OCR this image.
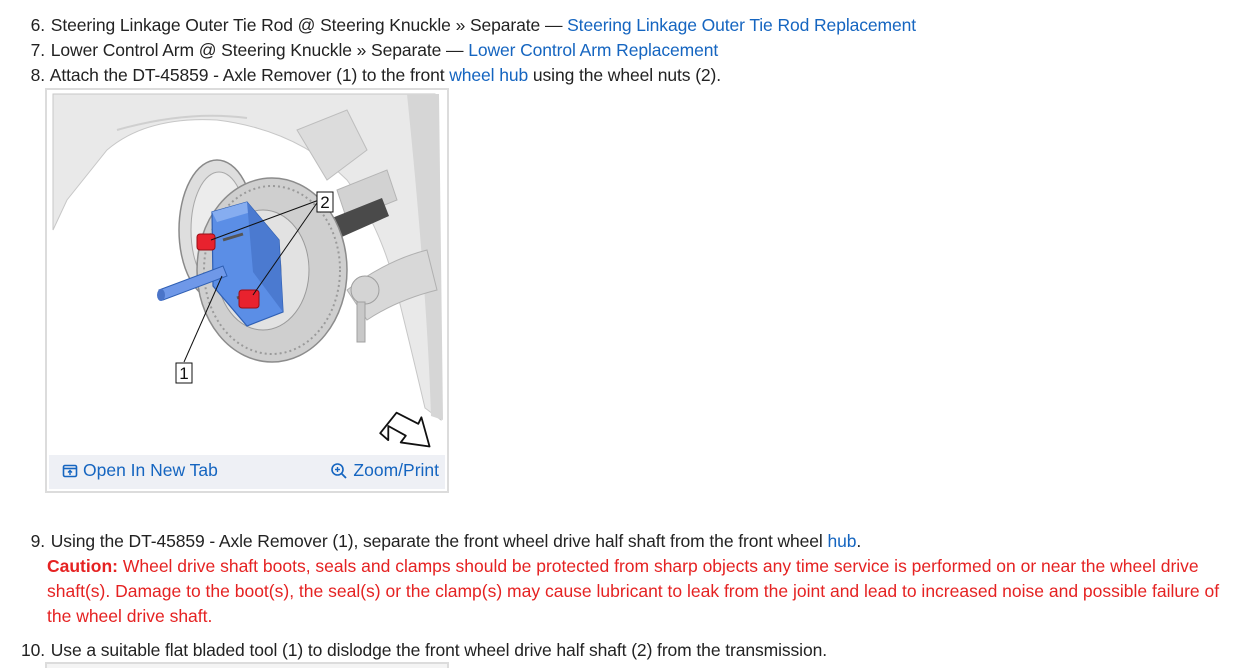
6. Steering Linkage Outer Tie Rod @ Steering Knuckle » Separate — Steering Linkage Outer Tie Rod Replacement
7. Lower Control Arm @ Steering Knuckle » Separate — Lower Control Arm Replacement
8. Attach the DT-45859 - Axle Remover (1) to the front wheel hub using the wheel nuts (2).
2
1
Open In New Tab	Zoom/Print
9. Using the DT-45859 - Axle Remover (1), separate the front wheel drive half shaft from the front wheel hub.
Caution: Wheel drive shaft boots, seals and clamps should be protected from sharp objects any time service is performed on or near the wheel drive shaft(s). Damage to the boot(s), the seal(s) or the clamp(s) may cause lubricant to leak from the joint and lead to increased noise and possible failure of the wheel drive shaft.
10. Use a suitable flat bladed tool (1) to dislodge the front wheel drive half shaft (2) from the transmission.
